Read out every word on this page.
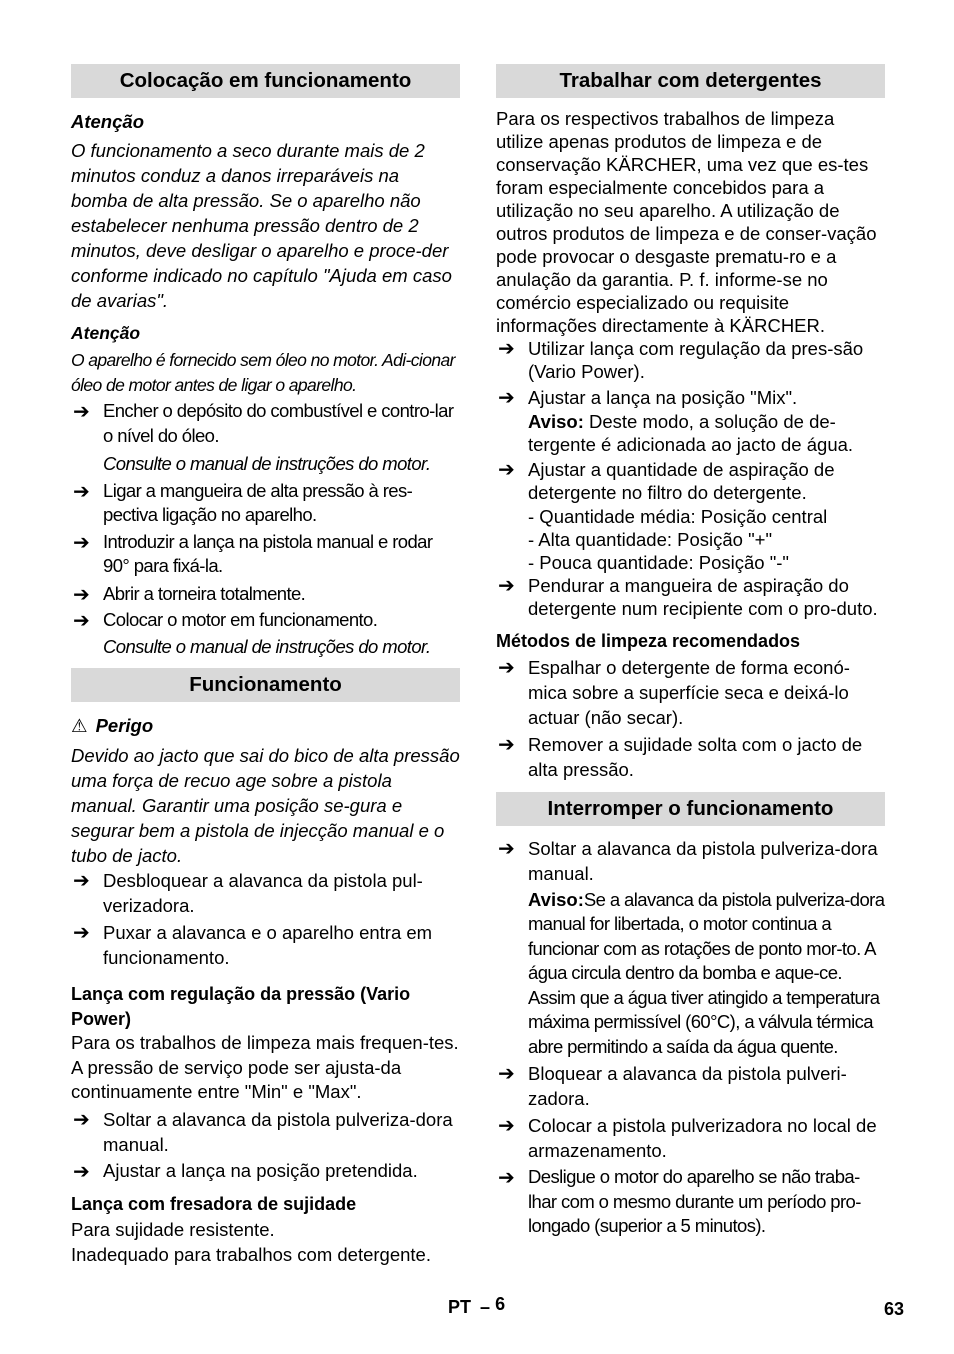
Colocação em funcionamento
Atenção
O funcionamento a seco durante mais de 2 minutos conduz a danos irreparáveis na bomba de alta pressão. Se o aparelho não estabelecer nenhuma pressão dentro de 2 minutos, deve desligar o aparelho e proce-der conforme indicado no capítulo "Ajuda em caso de avarias".
Atenção
O aparelho é fornecido sem óleo no motor. Adi-cionar óleo de motor antes de ligar o aparelho.
➔ Encher o depósito do combustível e contro-lar o nível do óleo.
Consulte o manual de instruções do motor.
➔ Ligar a mangueira de alta pressão à res-pectiva ligação no aparelho.
➔ Introduzir a lança na pistola manual e rodar 90° para fixá-la.
➔ Abrir a torneira totalmente.
➔ Colocar o motor em funcionamento.
Consulte o manual de instruções do motor.
Funcionamento
⚠ Perigo
Devido ao jacto que sai do bico de alta pressão uma força de recuo age sobre a pistola manual. Garantir uma posição se-gura e segurar bem a pistola de injecção manual e o tubo de jacto.
➔ Desbloquear a alavanca da pistola pul-verizadora.
➔ Puxar a alavanca e o aparelho entra em funcionamento.
Lança com regulação da pressão (Vario Power)
Para os trabalhos de limpeza mais frequen-tes. A pressão de serviço pode ser ajusta-da continuamente entre "Min" e "Max".
➔ Soltar a alavanca da pistola pulveriza-dora manual.
➔ Ajustar a lança na posição pretendida.
Lança com fresadora de sujidade
Para sujidade resistente.
Inadequado para trabalhos com detergente.
Trabalhar com detergentes
Para os respectivos trabalhos de limpeza utilize apenas produtos de limpeza e de conservação KÄRCHER, uma vez que es-tes foram especialmente concebidos para a utilização no seu aparelho. A utilização de outros produtos de limpeza e de conser-vação pode provocar o desgaste prematu-ro e a anulação da garantia. P. f. informe-se no comércio especializado ou requisite informações directamente à KÄRCHER.
➔ Utilizar lança com regulação da pres-são (Vario Power).
➔ Ajustar a lança na posição "Mix".
Aviso: Deste modo, a solução de de-tergente é adicionada ao jacto de água.
➔ Ajustar a quantidade de aspiração de detergente no filtro do detergente.
- Quantidade média: Posição central
- Alta quantidade: Posição "+"
- Pouca quantidade: Posição "-"
➔ Pendurar a mangueira de aspiração do detergente num recipiente com o pro-duto.
Métodos de limpeza recomendados
➔ Espalhar o detergente de forma econó-mica sobre a superfície seca e deixá-lo actuar (não secar).
➔ Remover a sujidade solta com o jacto de alta pressão.
Interromper o funcionamento
➔ Soltar a alavanca da pistola pulveriza-dora manual.
Aviso:Se a alavanca da pistola pulveriza-dora manual for libertada, o motor continua a funcionar com as rotações de ponto mor-to. A água circula dentro da bomba e aque-ce. Assim que a água tiver atingido a temperatura máxima permissível (60°C), a válvula térmica abre permitindo a saída da água quente.
➔ Bloquear a alavanca da pistola pulveri-zadora.
➔ Colocar a pistola pulverizadora no local de armazenamento.
➔ Desligue o motor do aparelho se não traba-lhar com o mesmo durante um período pro-longado (superior a 5 minutos).
PT – 6	63
